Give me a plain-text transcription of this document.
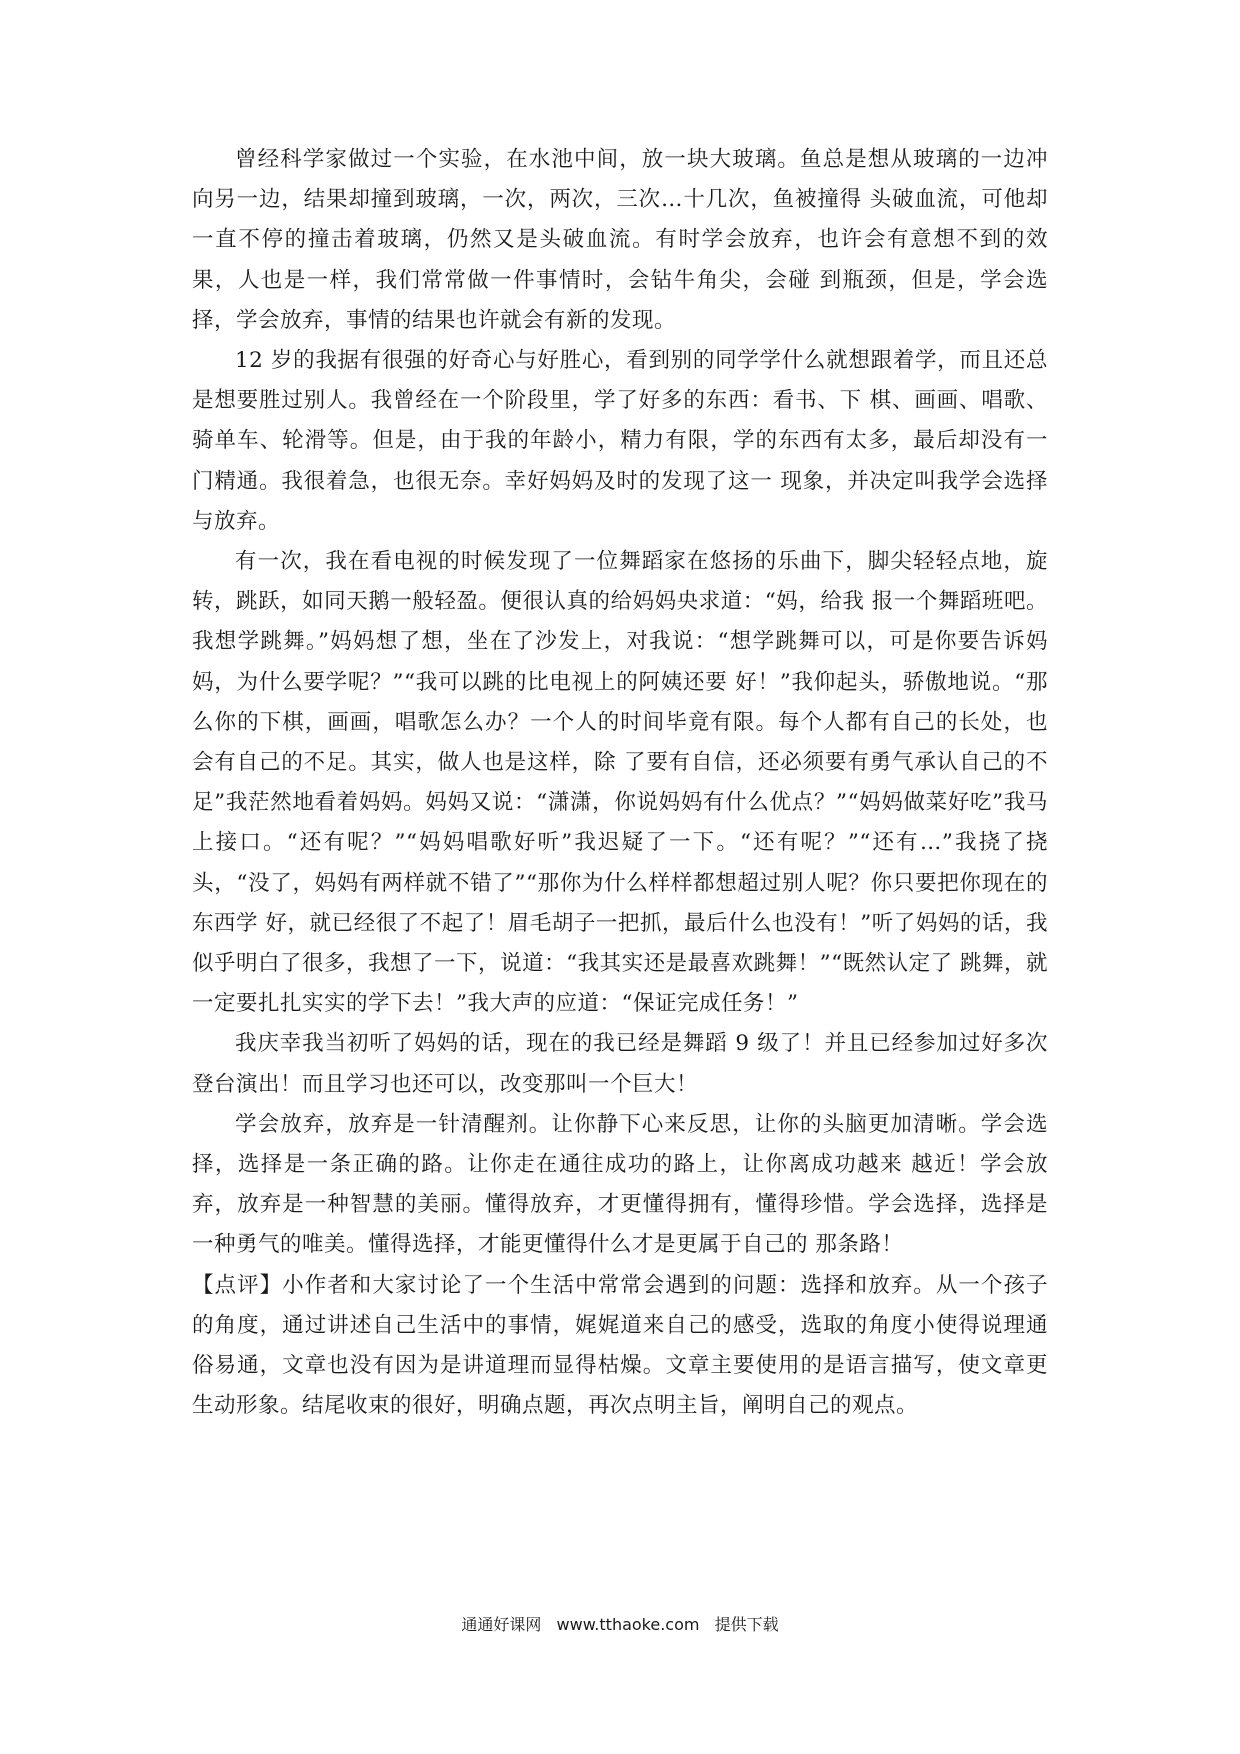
曾经科学家做过一个实验，在水池中间，放一块大玻璃。鱼总是想从玻璃的一边冲向另一边，结果却撞到玻璃，一次，两次，三次…十几次，鱼被撞得 头破血流，可他却一直不停的撞击着玻璃，仍然又是头破血流。有时学会放弃，也许会有意想不到的效果，人也是一样，我们常常做一件事情时，会钻牛角尖，会碰 到瓶颈，但是，学会选择，学会放弃，事情的结果也许就会有新的发现。

12 岁的我据有很强的好奇心与好胜心，看到别的同学学什么就想跟着学，而且还总是想要胜过别人。我曾经在一个阶段里，学了好多的东西：看书、下 棋、画画、唱歌、骑单车、轮滑等。但是，由于我的年龄小，精力有限，学的东西有太多，最后却没有一门精通。我很着急，也很无奈。幸好妈妈及时的发现了这一 现象，并决定叫我学会选择与放弃。

有一次，我在看电视的时候发现了一位舞蹈家在悠扬的乐曲下，脚尖轻轻点地，旋转，跳跃，如同天鹅一般轻盈。便很认真的给妈妈央求道：“妈，给我 报一个舞蹈班吧。我想学跳舞。”妈妈想了想，坐在了沙发上，对我说：“想学跳舞可以，可是你要告诉妈妈，为什么要学呢？”“我可以跳的比电视上的阿姨还要 好！”我仰起头，骄傲地说。“那么你的下棋，画画，唱歌怎么办？一个人的时间毕竟有限。每个人都有自己的长处，也会有自己的不足。其实，做人也是这样，除 了要有自信，还必须要有勇气承认自己的不足”我茫然地看着妈妈。妈妈又说：“潇潇，你说妈妈有什么优点？”“妈妈做菜好吃”我马上接口。“还有呢？”“妈妈唱歌好听”我迟疑了一下。“还有呢？”“还有…”我挠了挠头，“没了，妈妈有两样就不错了”“那你为什么样样都想超过别人呢？你只要把你现在的东西学 好，就已经很了不起了！眉毛胡子一把抓，最后什么也没有！”听了妈妈的话，我似乎明白了很多，我想了一下，说道：“我其实还是最喜欢跳舞！”“既然认定了 跳舞，就一定要扎扎实实的学下去！”我大声的应道：“保证完成任务！”

我庆幸我当初听了妈妈的话，现在的我已经是舞蹈 9 级了！并且已经参加过好多次登台演出！而且学习也还可以，改变那叫一个巨大！

学会放弃，放弃是一针清醒剂。让你静下心来反思，让你的头脑更加清晰。学会选择，选择是一条正确的路。让你走在通往成功的路上，让你离成功越来 越近！学会放弃，放弃是一种智慧的美丽。懂得放弃，才更懂得拥有，懂得珍惜。学会选择，选择是一种勇气的唯美。懂得选择，才能更懂得什么才是更属于自己的 那条路！

【点评】小作者和大家讨论了一个生活中常常会遇到的问题：选择和放弃。从一个孩子的角度，通过讲述自己生活中的事情，娓娓道来自己的感受，选取的角度小使得说理通俗易通，文章也没有因为是讲道理而显得枯燥。文章主要使用的是语言描写，使文章更生动形象。结尾收束的很好，明确点题，再次点明主旨，阐明自己的观点。

通通好课网 www.tthaoke.com 提供下载
